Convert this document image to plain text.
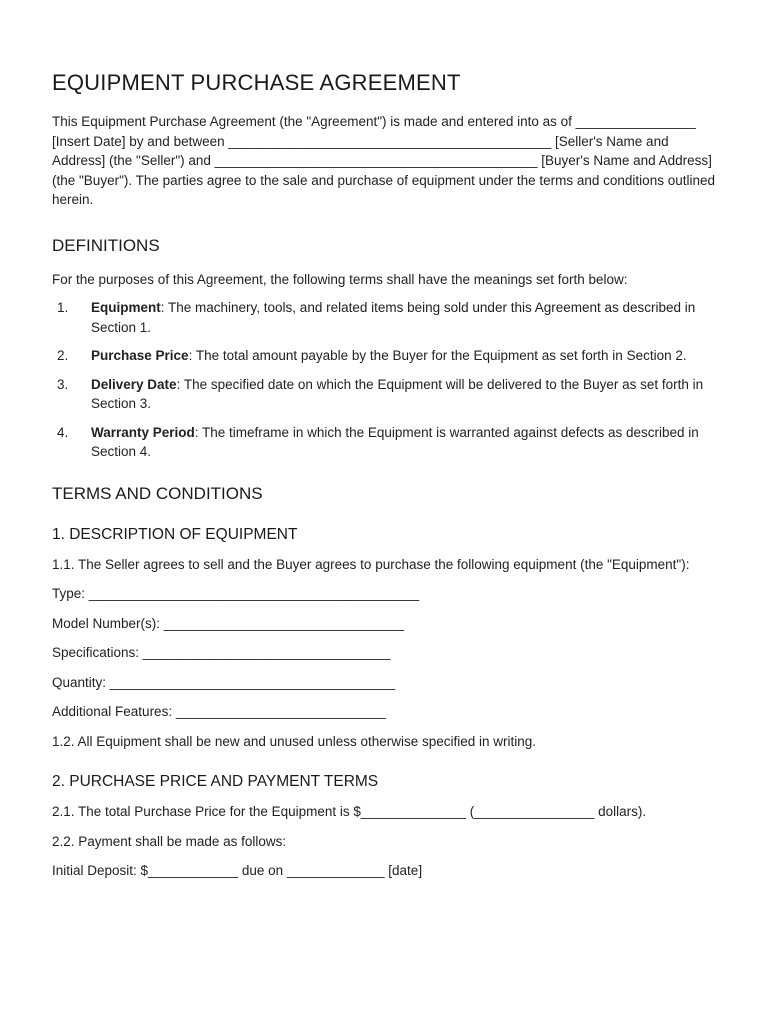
EQUIPMENT PURCHASE AGREEMENT

This Equipment Purchase Agreement (the "Agreement") is made and entered into as of ________________ [Insert Date] by and between ___________________________________________ [Seller's Name and Address] (the "Seller") and ___________________________________________ [Buyer's Name and Address] (the "Buyer"). The parties agree to the sale and purchase of equipment under the terms and conditions outlined herein.

DEFINITIONS

For the purposes of this Agreement, the following terms shall have the meanings set forth below:

1.	Equipment: The machinery, tools, and related items being sold under this Agreement as described in Section 1.
2.	Purchase Price: The total amount payable by the Buyer for the Equipment as set forth in Section 2.
3.	Delivery Date: The specified date on which the Equipment will be delivered to the Buyer as set forth in Section 3.
4.	Warranty Period: The timeframe in which the Equipment is warranted against defects as described in Section 4.
TERMS AND CONDITIONS
1. DESCRIPTION OF EQUIPMENT

1.1. The Seller agrees to sell and the Buyer agrees to purchase the following equipment (the "Equipment"):

Type: ____________________________________________

Model Number(s): ________________________________

Specifications: _________________________________

Quantity: ______________________________________

Additional Features: ____________________________

1.2. All Equipment shall be new and unused unless otherwise specified in writing.

2. PURCHASE PRICE AND PAYMENT TERMS

2.1. The total Purchase Price for the Equipment is $______________ (________________ dollars).

2.2. Payment shall be made as follows:

Initial Deposit: $____________ due on _____________ [date]
